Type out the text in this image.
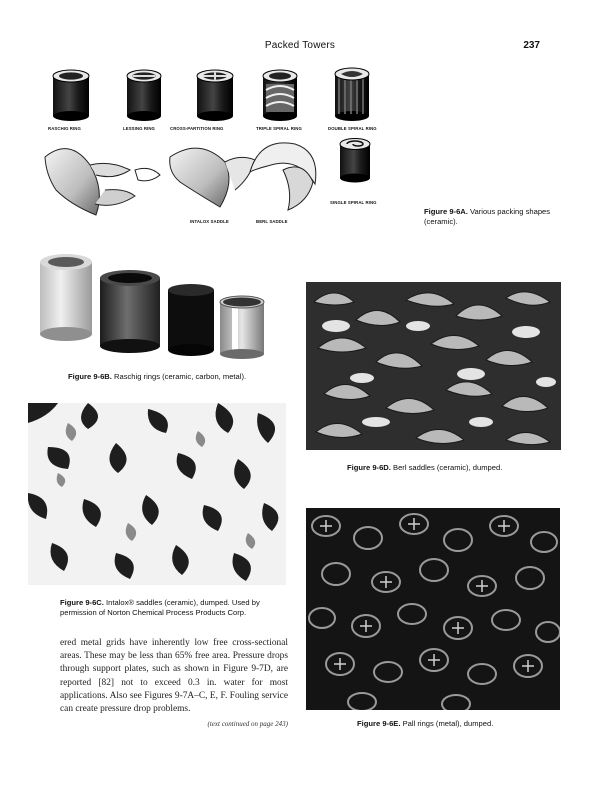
Packed Towers	237
RASCHIG RING	LESSING RING	CROSS-PARTITION RING	TRIPLE SPIRAL RING	DOUBLE SPIRAL RING
INTALOX SADDLE	BERL SADDLE
SINGLE SPIRAL RING
Figure 9-6A. Various packing shapes (ceramic).
Figure 9-6B. Raschig rings (ceramic, carbon, metal).
Figure 9-6D. Berl saddles (ceramic), dumped.
Figure 9-6C. Intalox® saddles (ceramic), dumped. Used by permission of Norton Chemical Process Products Corp.
Figure 9-6E. Pall rings (metal), dumped.
ered metal grids have inherently low free cross-sectional areas. These may be less than 65% free area. Pressure drops through support plates, such as shown in Figure 9-7D, are reported [82] not to exceed 0.3 in. water for most applications. Also see Figures 9-7A–C, E, F. Fouling service can create pressure drop problems.
(text continued on page 243)
